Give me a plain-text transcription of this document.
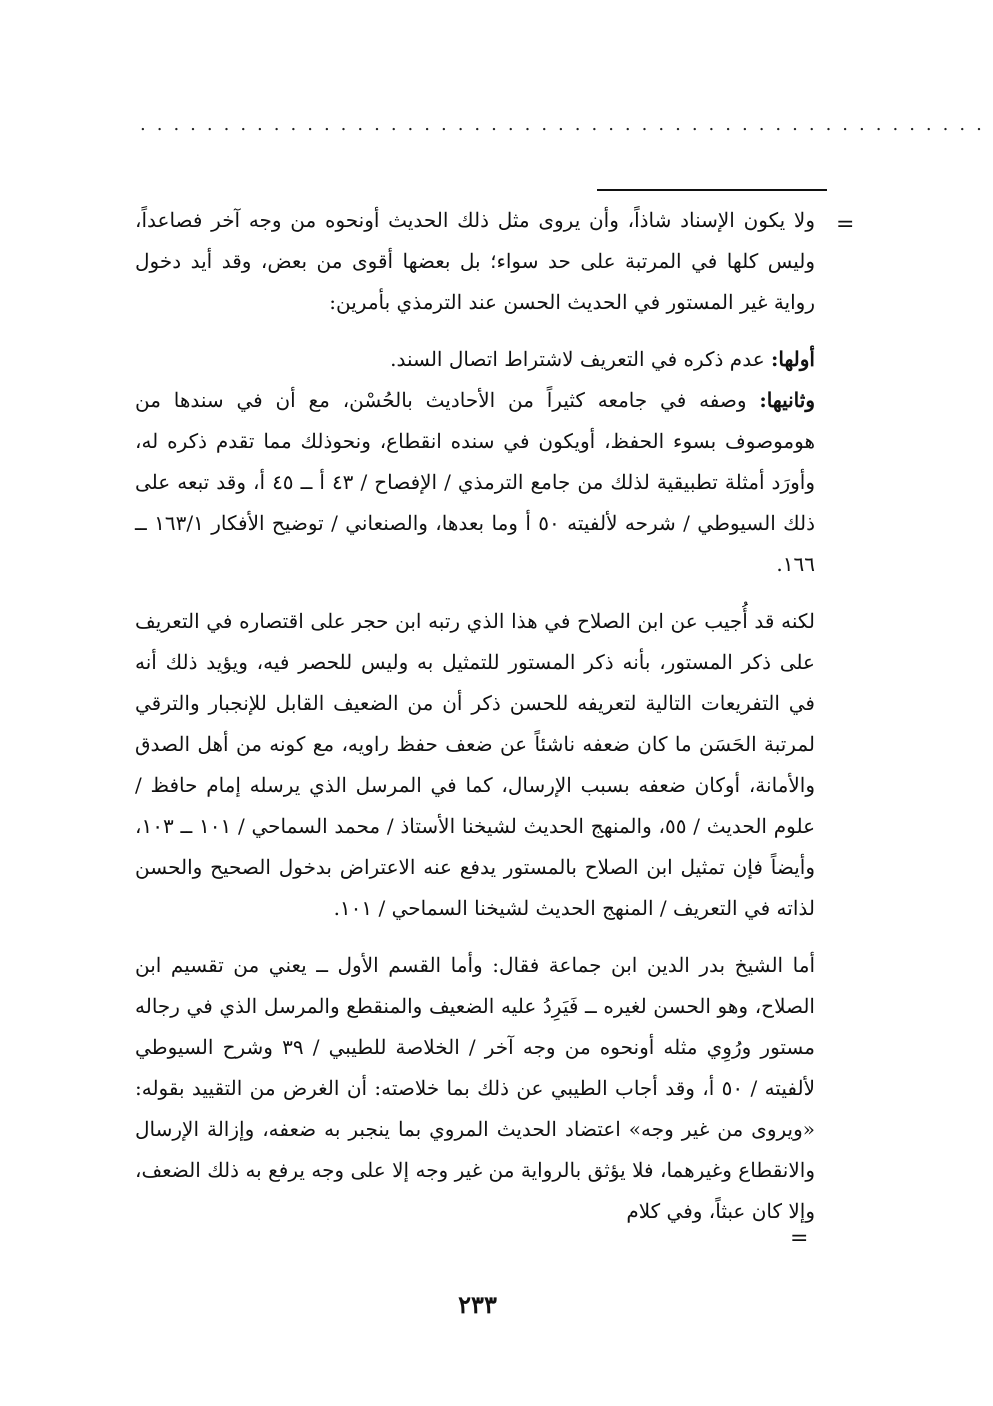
...................................................
=

ولا يكون الإسناد شاذاً، وأن يروى مثل ذلك الحديث أونحوه من وجه آخر فصاعداً، وليس كلها في المرتبة على حد سواء؛ بل بعضها أقوى من بعض، وقد أيد دخول رواية غير المستور في الحديث الحسن عند الترمذي بأمرين:

أولها: عدم ذكره في التعريف لاشتراط اتصال السند.

وثانيها: وصفه في جامعه كثيراً من الأحاديث بالحُسْن، مع أن في سندها من هوموصوف بسوء الحفظ، أويكون في سنده انقطاع، ونحوذلك مما تقدم ذكره له، وأورَد أمثلة تطبيقية لذلك من جامع الترمذي / الإفصاح / ٤٣ أ ــ ٤٥ أ، وقد تبعه على ذلك السيوطي / شرحه لألفيته ٥٠ أ وما بعدها، والصنعاني / توضيح الأفكار ١٦٣/١ ــ ١٦٦.

لكنه قد أُجيب عن ابن الصلاح في هذا الذي رتبه ابن حجر على اقتصاره في التعريف على ذكر المستور، بأنه ذكر المستور للتمثيل به وليس للحصر فيه، ويؤيد ذلك أنه في التفريعات التالية لتعريفه للحسن ذكر أن من الضعيف القابل للإنجبار والترقي لمرتبة الحَسَن ما كان ضعفه ناشئاً عن ضعف حفظ راويه، مع كونه من أهل الصدق والأمانة، أوكان ضعفه بسبب الإرسال، كما في المرسل الذي يرسله إمام حافظ / علوم الحديث / ٥٥، والمنهج الحديث لشيخنا الأستاذ / محمد السماحي / ١٠١ ــ ١٠٣، وأيضاً فإن تمثيل ابن الصلاح بالمستور يدفع عنه الاعتراض بدخول الصحيح والحسن لذاته في التعريف / المنهج الحديث لشيخنا السماحي / ١٠١.

أما الشيخ بدر الدين ابن جماعة فقال: وأما القسم الأول ــ يعني من تقسيم ابن الصلاح، وهو الحسن لغيره ــ فَيَرِدُ عليه الضعيف والمنقطع والمرسل الذي في رجاله مستور ورُوِي مثله أونحوه من وجه آخر / الخلاصة للطيبي / ٣٩ وشرح السيوطي لألفيته / ٥٠ أ، وقد أجاب الطيبي عن ذلك بما خلاصته: أن الغرض من التقييد بقوله: «ويروى من غير وجه» اعتضاد الحديث المروي بما ينجبر به ضعفه، وإزالة الإرسال والانقطاع وغيرهما، فلا يؤثق بالرواية من غير وجه إلا على وجه يرفع به ذلك الضعف، وإلا كان عبثاً، وفي كلام

=
٢٣٣
